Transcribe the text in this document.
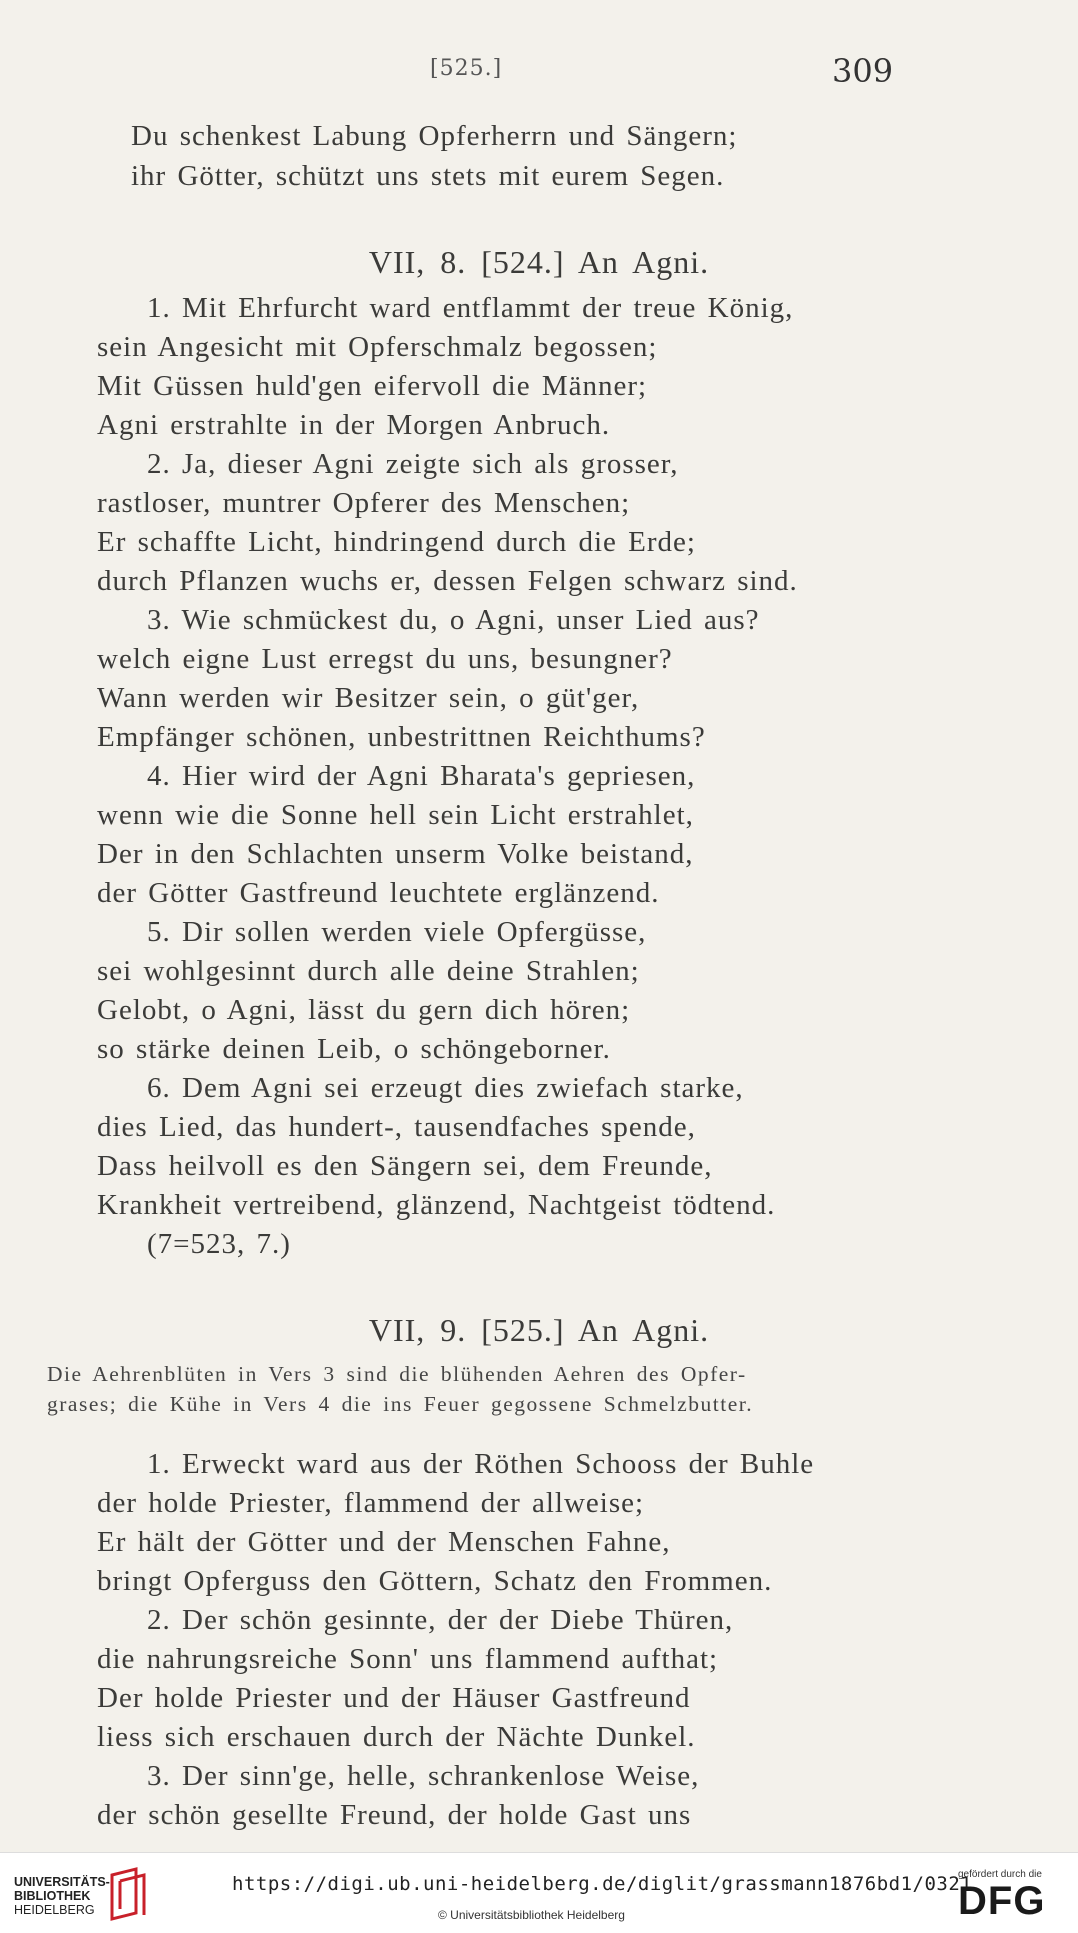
[525.]	309
Du schenkest Labung Opferherrn und Sängern;
ihr Götter, schützt uns stets mit eurem Segen.
VII, 8. [524.] An Agni.
1. Mit Ehrfurcht ward entflammt der treue König,
sein Angesicht mit Opferschmalz begossen;
Mit Güssen huld'gen eifervoll die Männer;
Agni erstrahlte in der Morgen Anbruch.
2. Ja, dieser Agni zeigte sich als grosser,
rastloser, muntrer Opferer des Menschen;
Er schaffte Licht, hindringend durch die Erde;
durch Pflanzen wuchs er, dessen Felgen schwarz sind.
3. Wie schmückest du, o Agni, unser Lied aus?
welch eigne Lust erregst du uns, besungner?
Wann werden wir Besitzer sein, o güt'ger,
Empfänger schönen, unbestrittnen Reichthums?
4. Hier wird der Agni Bharata's gepriesen,
wenn wie die Sonne hell sein Licht erstrahlet,
Der in den Schlachten unserm Volke beistand,
der Götter Gastfreund leuchtete erglänzend.
5. Dir sollen werden viele Opfergüsse,
sei wohlgesinnt durch alle deine Strahlen;
Gelobt, o Agni, lässt du gern dich hören;
so stärke deinen Leib, o schöngeborner.
6. Dem Agni sei erzeugt dies zwiefach starke,
dies Lied, das hundert-, tausendfaches spende,
Dass heilvoll es den Sängern sei, dem Freunde,
Krankheit vertreibend, glänzend, Nachtgeist tödtend.
(7=523, 7.)
VII, 9. [525.] An Agni.
Die Aehrenblüten in Vers 3 sind die blühenden Aehren des Opfer-
grases; die Kühe in Vers 4 die ins Feuer gegossene Schmelzbutter.
1. Erweckt ward aus der Röthen Schooss der Buhle
der holde Priester, flammend der allweise;
Er hält der Götter und der Menschen Fahne,
bringt Opferguss den Göttern, Schatz den Frommen.
2. Der schön gesinnte, der der Diebe Thüren,
die nahrungsreiche Sonn' uns flammend aufthat;
Der holde Priester und der Häuser Gastfreund
liess sich erschauen durch der Nächte Dunkel.
3. Der sinn'ge, helle, schrankenlose Weise,
der schön gesellte Freund, der holde Gast uns
UNIVERSITÄTS-
BIBLIOTHEK
HEIDELBERG
https://digi.ub.uni-heidelberg.de/diglit/grassmann1876bd1/0321
© Universitätsbibliothek Heidelberg
gefördert durch die
DFG
